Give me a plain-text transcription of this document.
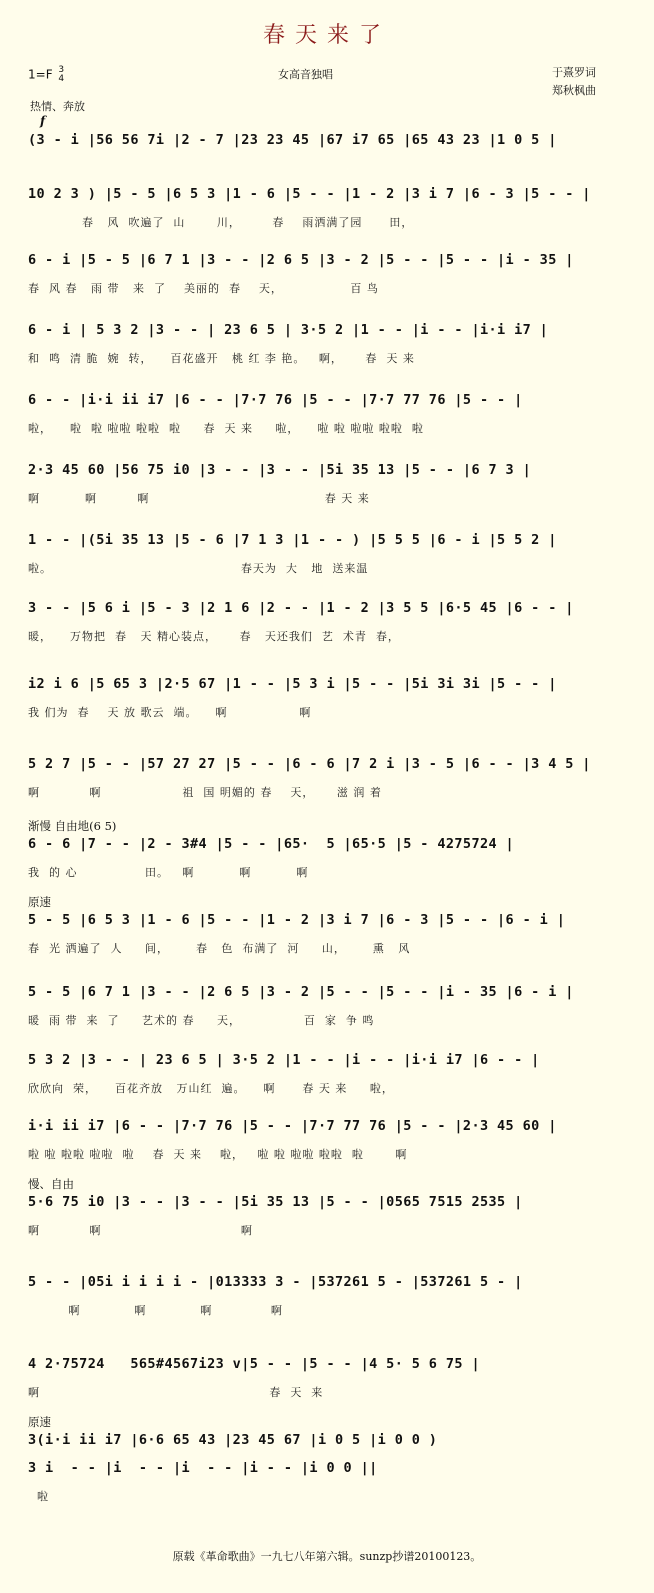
春天来了
1=F 3
4	女高音独唱	于熹罗词
郑秋枫曲
热情、奔放
f
(3 - i |56 56 7i |2 - 7 |23 23 45 |67 i7 65 |65 43 23 |1 0 5 |
10 2 3 ) |5 - 5 |6 5 3 |1 - 6 |5 - - |1 - 2 |3 i 7 |6 - 3 |5 - - |
春   风  吹遍了  山       川，       春    雨洒满了园      田，
6 - i |5 - 5 |6 7 1 |3 - - |2 6 5 |3 - 2 |5 - - |5 - - |i - 35 |
春  风 春   雨 带   来  了    美丽的  春    天，               百 鸟
6 - i | 5 3 2 |3 - - | 23 6 5 | 3·5 2 |1 - - |i - - |i·i i7 |
和  鸣  清 脆  婉  转，    百花盛开   桃 红 李 艳。   啊，     春  天 来
6 - - |i·i ii i7 |6 - - |7·7 76 |5 - - |7·7 77 76 |5 - - |
啦，    啦  啦 啦啦 啦啦  啦     春  天 来     啦，    啦 啦 啦啦 啦啦  啦
2·3 45 60 |56 75 i0 |3 - - |3 - - |5i 35 13 |5 - - |6 7 3 |
啊          啊         啊                                       春 天 来
1 - - |(5i 35 13 |5 - 6 |7 1 3 |1 - - ) |5 5 5 |6 - i |5 5 2 |
啦。                                          春天为  大   地  送来温
3 - - |5 6 i |5 - 3 |2 1 6 |2 - - |1 - 2 |3 5 5 |6·5 45 |6 - - |
暖，    万物把  春   天 精心装点，     春   天还我们  艺  术青  春，
i2 i 6 |5 65 3 |2·5 67 |1 - - |5 3 i |5 - - |5i 3i 3i |5 - - |
我 们为  春    天 放 歌云  端。    啊                啊
5 2 7 |5 - - |57 27 27 |5 - - |6 - 6 |7 2 i |3 - 5 |6 - - |3 4 5 |
啊           啊                  祖  国 明媚的 春    天，     滋 润 着
渐慢 自由地(6 5)
6 - 6 |7 - - |2 - 3#4 |5 - - |65·  5 |65·5 |5 - 4275724 |
我  的 心               田。   啊          啊          啊
原速
5 - 5 |6 5 3 |1 - 6 |5 - - |1 - 2 |3 i 7 |6 - 3 |5 - - |6 - i |
春  光 洒遍了  人     间，      春   色  布满了  河     山，      熏   风
5 - 5 |6 7 1 |3 - - |2 6 5 |3 - 2 |5 - - |5 - - |i - 35 |6 - i |
暖  雨 带  来  了     艺术的 春     天，              百  家  争 鸣
5 3 2 |3 - - | 23 6 5 | 3·5 2 |1 - - |i - - |i·i i7 |6 - - |
欣欣向  荣，    百花齐放   万山红  遍。    啊      春 天 来     啦，
i·i ii i7 |6 - - |7·7 76 |5 - - |7·7 77 76 |5 - - |2·3 45 60 |
啦 啦 啦啦 啦啦  啦    春  天 来    啦，   啦 啦 啦啦 啦啦  啦       啊
慢、自由
5·6 75 i0 |3 - - |3 - - |5i 35 13 |5 - - |0565 7515 2535 |
啊           啊                               啊
5 - - |05i i i i i - |013333 3 - |537261 5 - |537261 5 - |
啊            啊            啊             啊
4 2·75724   565#4567i23 v|5 - - |5 - - |4 5· 5 6 75 |
啊                                                   春  天  来
原速
3(i·i ii i7 |6·6 65 43 |23 45 67 |i 0 5 |i 0 0 )
3 i  - - |i  - - |i  - - |i - - |i 0 0 ||
啦
原载《革命歌曲》一九七八年第六辑。sunzp抄谱20100123。
